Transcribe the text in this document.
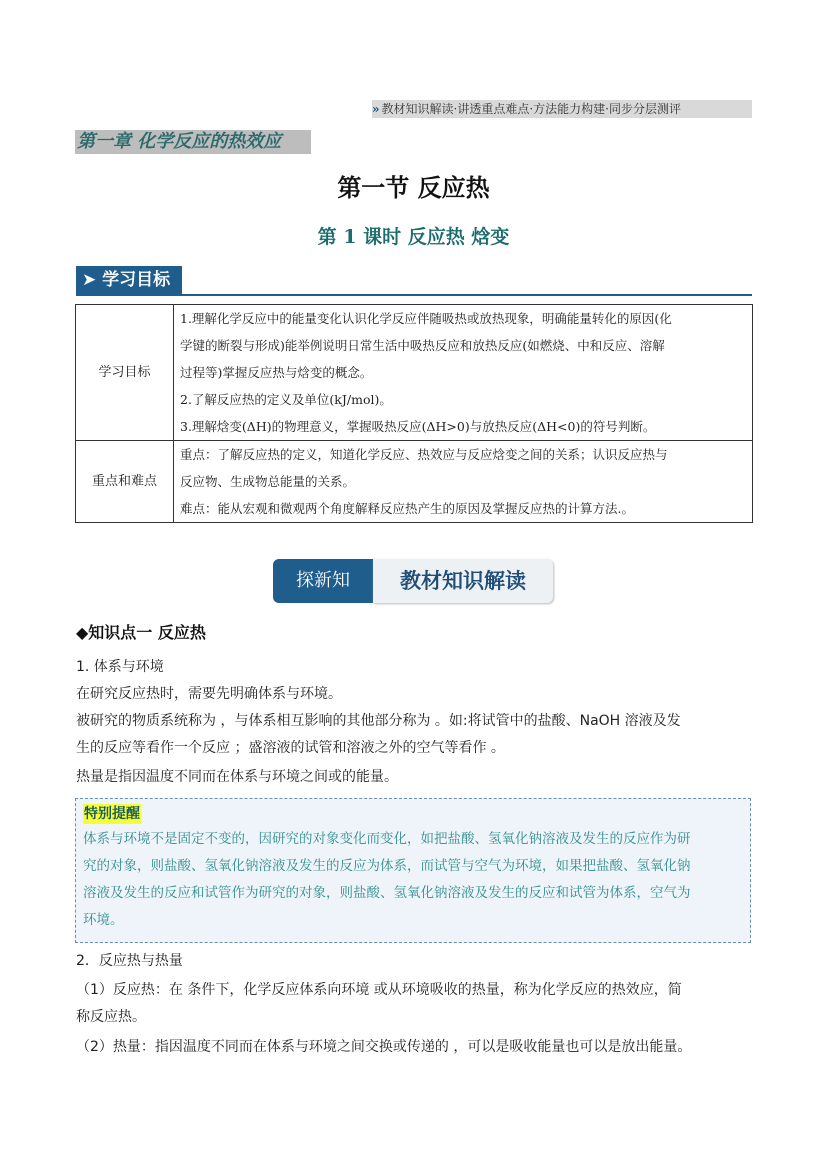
» 教材知识解读·讲透重点难点·方法能力构建·同步分层测评
第一章 化学反应的热效应
第一节 反应热
第 1 课时 反应热 焓变
➤ 学习目标
学习目标	1.理解化学反应中的能量变化认识化学反应伴随吸热或放热现象，明确能量转化的原因(化
学键的断裂与形成)能举例说明日常生活中吸热反应和放热反应(如燃烧、中和反应、溶解
过程等)掌握反应热与焓变的概念。
2.了解反应热的定义及单位(kJ/mol)。
3.理解焓变(ΔH)的物理意义，掌握吸热反应(ΔH>0)与放热反应(ΔH<0)的符号判断。

重点和难点	重点：了解反应热的定义，知道化学反应、热效应与反应焓变之间的关系；认识反应热与
反应物、生成物总能量的关系。
难点：能从宏观和微观两个角度解释反应热产生的原因及掌握反应热的计算方法.。
探新知	教材知识解读
◆知识点一 反应热
1. 体系与环境
在研究反应热时，需要先明确体系与环境。
被研究的物质系统称为 ，与体系相互影响的其他部分称为 。如:将试管中的盐酸、NaOH 溶液及发
生的反应等看作一个反应 ；盛溶液的试管和溶液之外的空气等看作 。
热量是指因温度不同而在体系与环境之间或的能量。
特别提醒
体系与环境不是固定不变的，因研究的对象变化而变化，如把盐酸、氢氧化钠溶液及发生的反应作为研
究的对象，则盐酸、氢氧化钠溶液及发生的反应为体系，而试管与空气为环境，如果把盐酸、氢氧化钠
溶液及发生的反应和试管作为研究的对象，则盐酸、氢氧化钠溶液及发生的反应和试管为体系，空气为
环境。
2．反应热与热量
（1）反应热：在 条件下，化学反应体系向环境 或从环境吸收的热量，称为化学反应的热效应，简
称反应热。
（2）热量：指因温度不同而在体系与环境之间交换或传递的 ，可以是吸收能量也可以是放出能量。
